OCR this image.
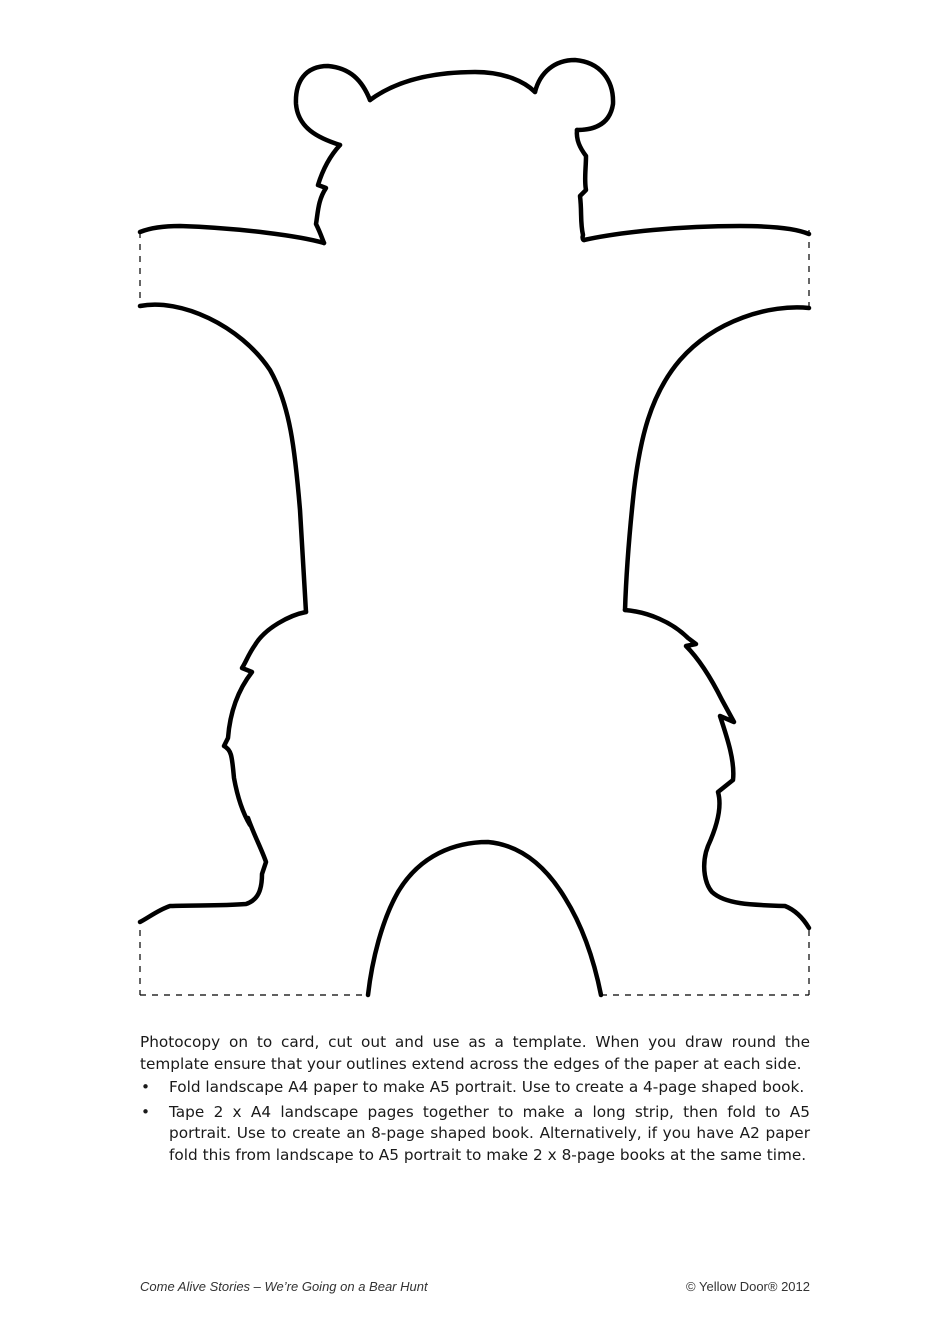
Photocopy on to card, cut out and use as a template. When you draw round the template ensure that your outlines extend across the edges of the paper at each side.

• Fold landscape A4 paper to make A5 portrait. Use to create a 4-page shaped book.
• Tape 2 x A4 landscape pages together to make a long strip, then fold to A5 portrait. Use to create an 8-page shaped book. Alternatively, if you have A2 paper fold this from landscape to A5 portrait to make 2 x 8-page books at the same time.
Come Alive Stories – We’re Going on a Bear Hunt	© Yellow Door® 2012
